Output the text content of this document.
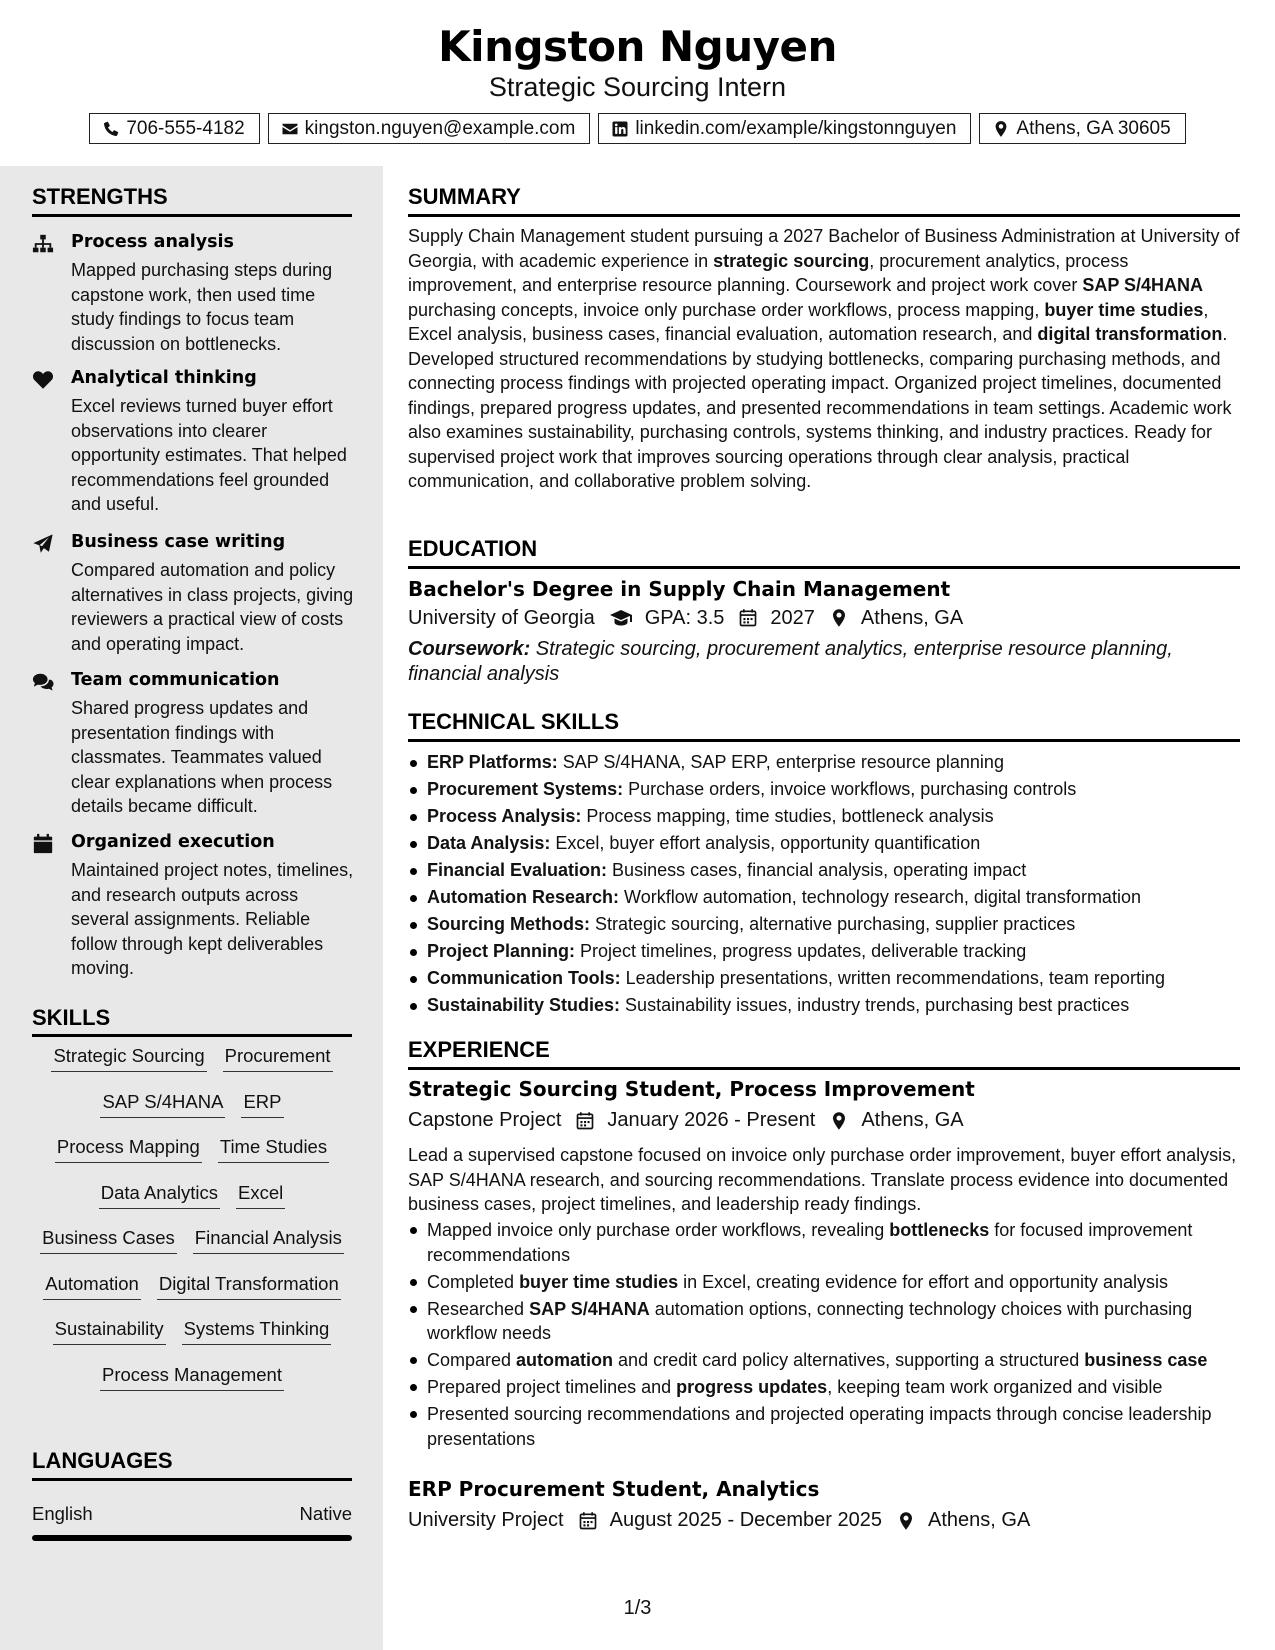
Kingston Nguyen
Strategic Sourcing Intern
706-555-4182	kingston.nguyen@example.com	linkedin.com/example/kingstonnguyen	Athens, GA 30605
STRENGTHS
Process analysis
Mapped purchasing steps during capstone work, then used time study findings to focus team discussion on bottlenecks.
Analytical thinking
Excel reviews turned buyer effort observations into clearer opportunity estimates. That helped recommendations feel grounded and useful.
Business case writing
Compared automation and policy alternatives in class projects, giving reviewers a practical view of costs and operating impact.
Team communication
Shared progress updates and presentation findings with classmates. Teammates valued clear explanations when process details became difficult.
Organized execution
Maintained project notes, timelines, and research outputs across several assignments. Reliable follow through kept deliverables moving.
SKILLS
Strategic Sourcing Procurement
SAP S/4HANA ERP
Process Mapping Time Studies
Data Analytics Excel
Business Cases Financial Analysis
Automation Digital Transformation
Sustainability Systems Thinking
Process Management
LANGUAGES
English	Native
SUMMARY
Supply Chain Management student pursuing a 2027 Bachelor of Business Administration at University of Georgia, with academic experience in strategic sourcing, procurement analytics, process improvement, and enterprise resource planning. Coursework and project work cover SAP S/4HANA purchasing concepts, invoice only purchase order workflows, process mapping, buyer time studies, Excel analysis, business cases, financial evaluation, automation research, and digital transformation. Developed structured recommendations by studying bottlenecks, comparing purchasing methods, and connecting process findings with projected operating impact. Organized project timelines, documented findings, prepared progress updates, and presented recommendations in team settings. Academic work also examines sustainability, purchasing controls, systems thinking, and industry practices. Ready for supervised project work that improves sourcing operations through clear analysis, practical communication, and collaborative problem solving.
EDUCATION
Bachelor's Degree in Supply Chain Management
University of Georgia	GPA: 3.5 2027 Athens, GA
Coursework: Strategic sourcing, procurement analytics, enterprise resource planning, financial analysis
TECHNICAL SKILLS
ERP Platforms: SAP S/4HANA, SAP ERP, enterprise resource planning
Procurement Systems: Purchase orders, invoice workflows, purchasing controls
Process Analysis: Process mapping, time studies, bottleneck analysis
Data Analysis: Excel, buyer effort analysis, opportunity quantification
Financial Evaluation: Business cases, financial analysis, operating impact
Automation Research: Workflow automation, technology research, digital transformation
Sourcing Methods: Strategic sourcing, alternative purchasing, supplier practices
Project Planning: Project timelines, progress updates, deliverable tracking
Communication Tools: Leadership presentations, written recommendations, team reporting
Sustainability Studies: Sustainability issues, industry trends, purchasing best practices
EXPERIENCE
Strategic Sourcing Student, Process Improvement
Capstone Project January 2026 - Present Athens, GA
Lead a supervised capstone focused on invoice only purchase order improvement, buyer effort analysis, SAP S/4HANA research, and sourcing recommendations. Translate process evidence into documented business cases, project timelines, and leadership ready findings.
Mapped invoice only purchase order workflows, revealing bottlenecks for focused improvement recommendations
Completed buyer time studies in Excel, creating evidence for effort and opportunity analysis
Researched SAP S/4HANA automation options, connecting technology choices with purchasing workflow needs
Compared automation and credit card policy alternatives, supporting a structured business case
Prepared project timelines and progress updates, keeping team work organized and visible
Presented sourcing recommendations and projected operating impacts through concise leadership presentations
ERP Procurement Student, Analytics
University Project August 2025 - December 2025 Athens, GA
1/3
